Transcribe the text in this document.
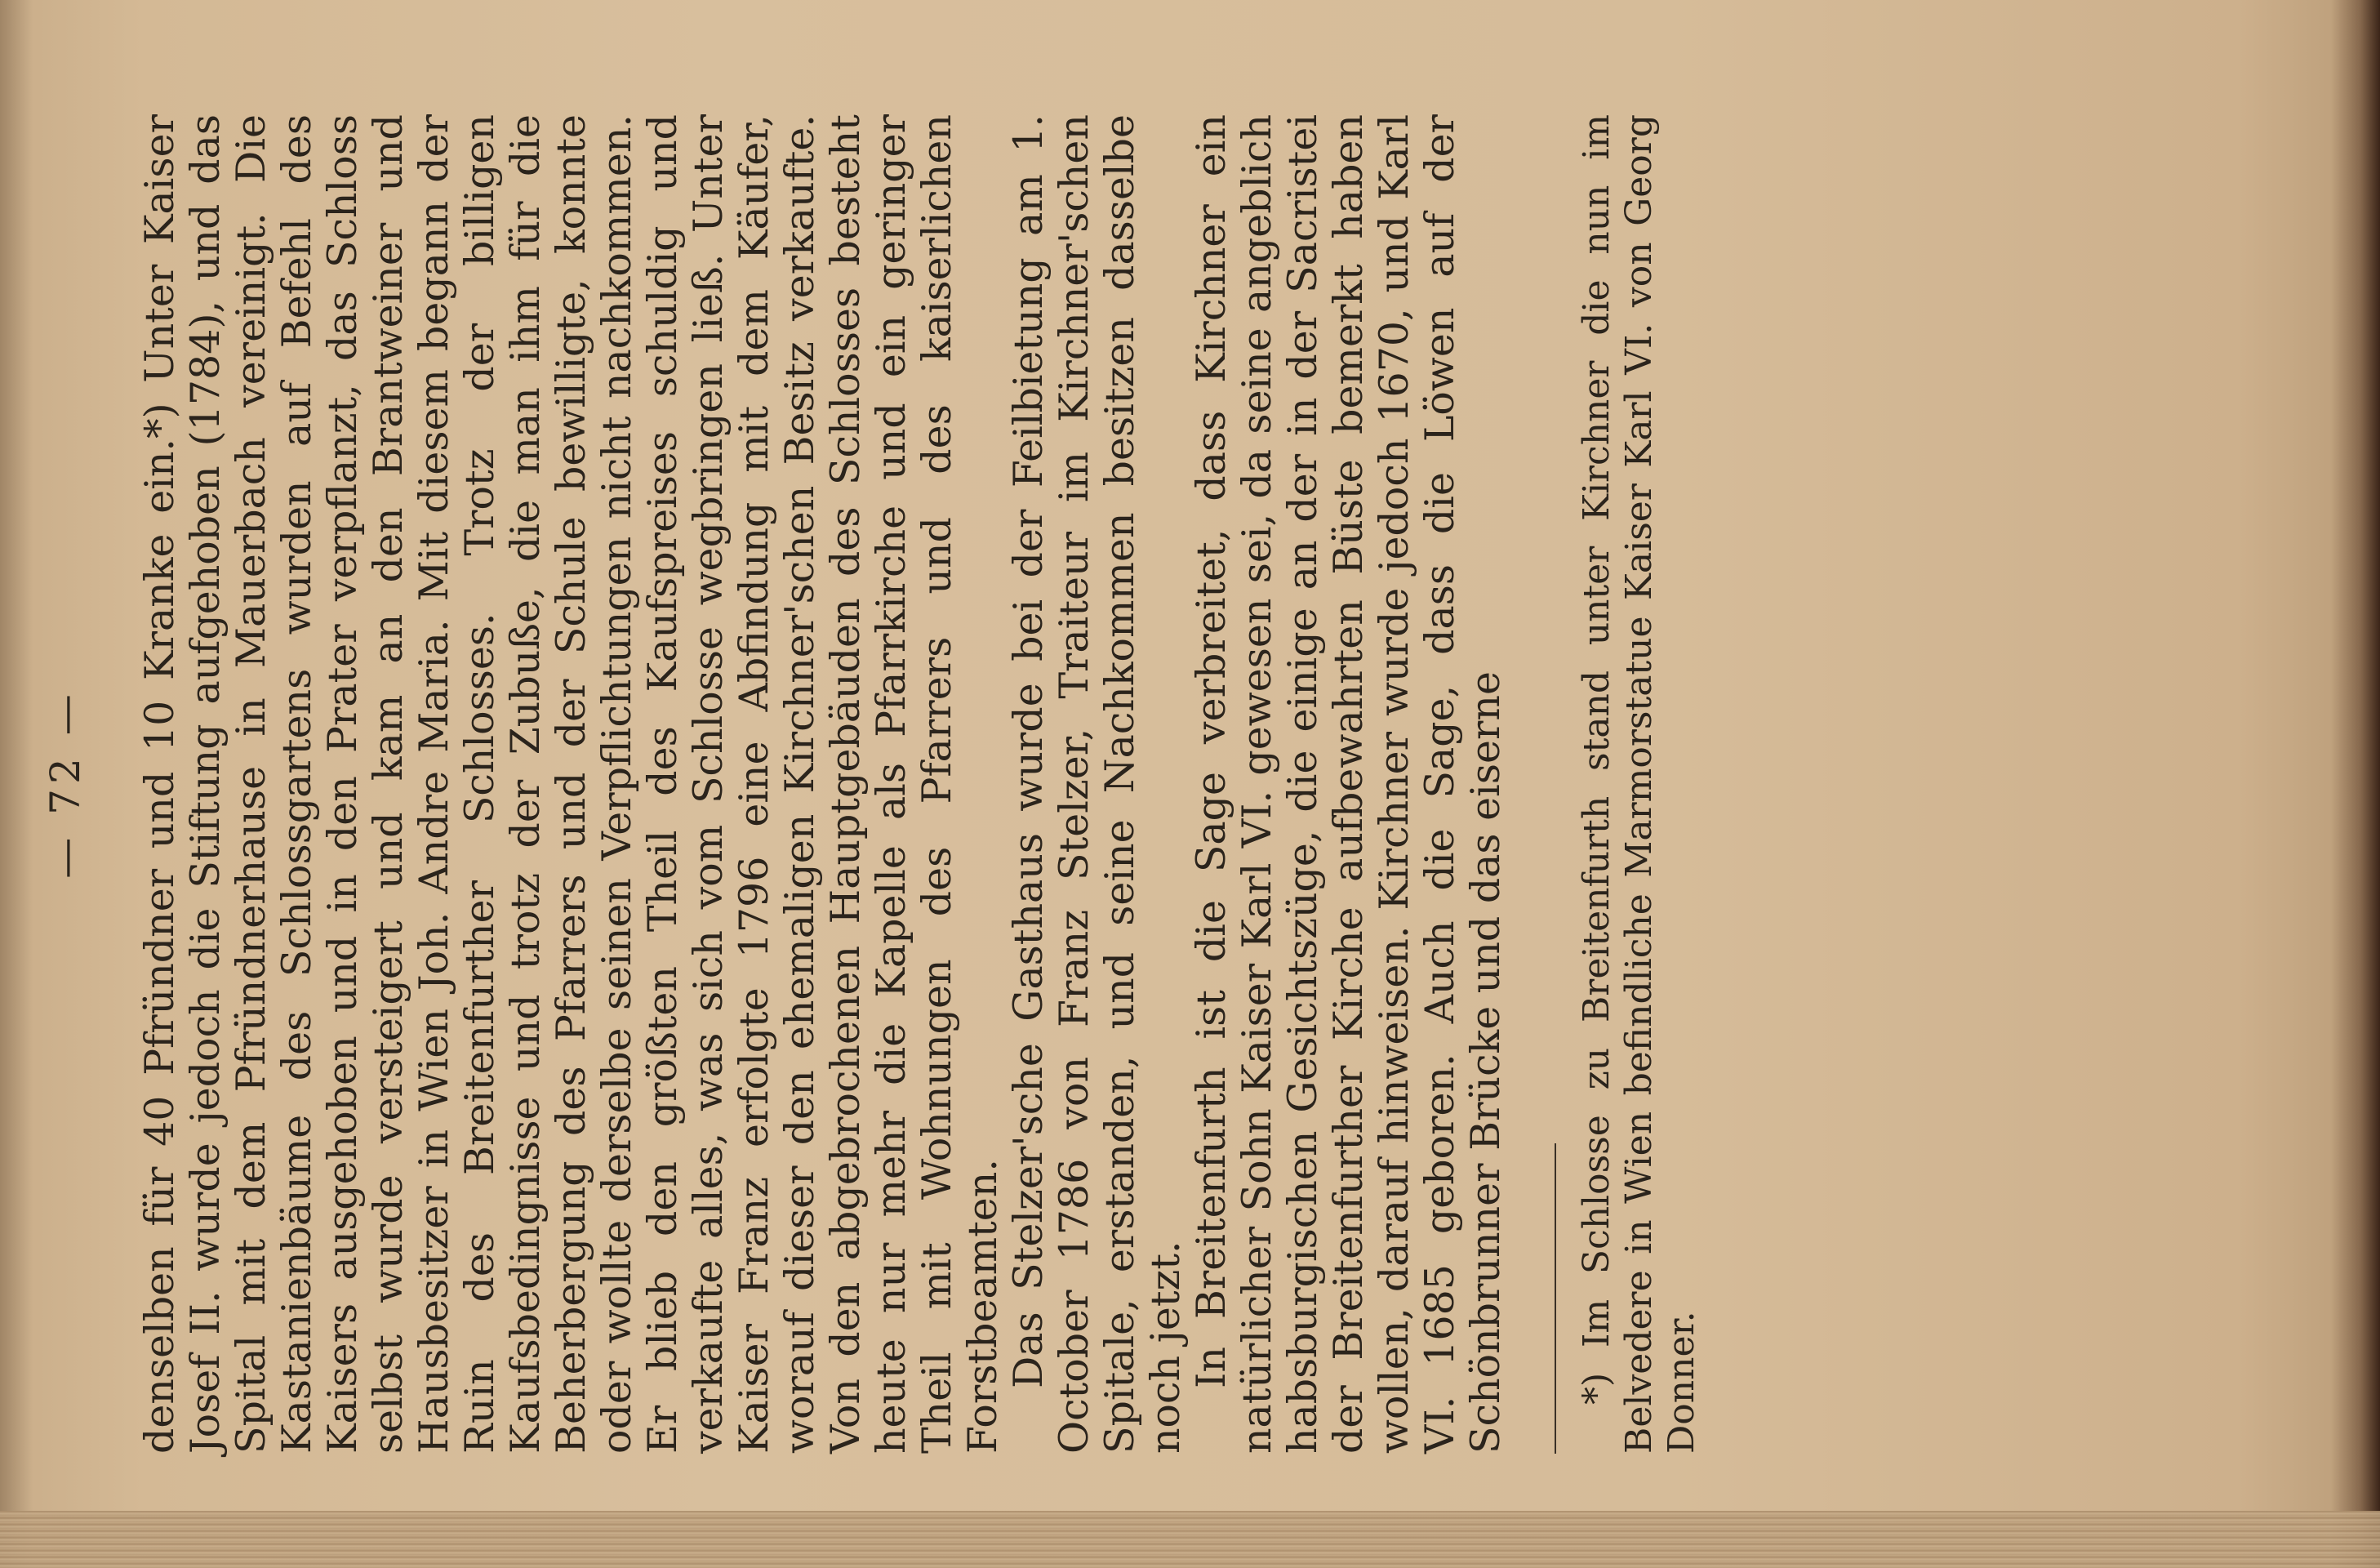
— 72 — denselben für 40 Pfründner und 10 Kranke ein.*) Unter Kaiser Josef II. wurde jedoch die Stiftung aufgehoben (1784), und das Spital mit dem Pfründnerhause in Mauerbach vereinigt. Die Kastanienbäume des Schlossgartens wurden auf Befehl des Kaisers ausgehoben und in den Prater verpflanzt, das Schloss selbst wurde versteigert und kam an den Brantweiner und Hausbesitzer in Wien Joh. Andre Maria. Mit diesem begann der Ruin des Breitenfurther Schlosses. Trotz der billigen Kaufsbedingnisse und trotz der Zubuße, die man ihm für die Beherbergung des Pfarrers und der Schule bewilligte, konnte oder wollte derselbe seinen Verpflichtungen nicht nachkommen. Er blieb den größten Theil des Kaufspreises schuldig und verkaufte alles, was sich vom Schlosse wegbringen ließ. Unter Kaiser Franz erfolgte 1796 eine Abfindung mit dem Käufer, worauf dieser den ehemaligen Kirchner'schen Besitz verkaufte. Von den abgebrochenen Hauptgebäuden des Schlosses besteht heute nur mehr die Kapelle als Pfarrkirche und ein geringer Theil mit Wohnungen des Pfarrers und des kaiserlichen Forstbeamten. Das Stelzer'sche Gasthaus wurde bei der Feilbietung am 1. October 1786 von Franz Stelzer, Traiteur im Kirchner'schen Spitale, erstanden, und seine Nachkommen besitzen dasselbe noch jetzt. In Breitenfurth ist die Sage verbreitet, dass Kirchner ein natürlicher Sohn Kaiser Karl VI. gewesen sei, da seine angeblich habsburgischen Gesichtszüge, die einige an der in der Sacristei der Breitenfurther Kirche aufbewahrten Büste bemerkt haben wollen, darauf hinweisen. Kirchner wurde jedoch 1670, und Karl VI. 1685 geboren. Auch die Sage, dass die Löwen auf der Schönbrunner Brücke und das eiserne *) Im Schlosse zu Breitenfurth stand unter Kirchner die nun im Belvedere in Wien befindliche Marmorstatue Kaiser Karl VI. von Georg Donner.
